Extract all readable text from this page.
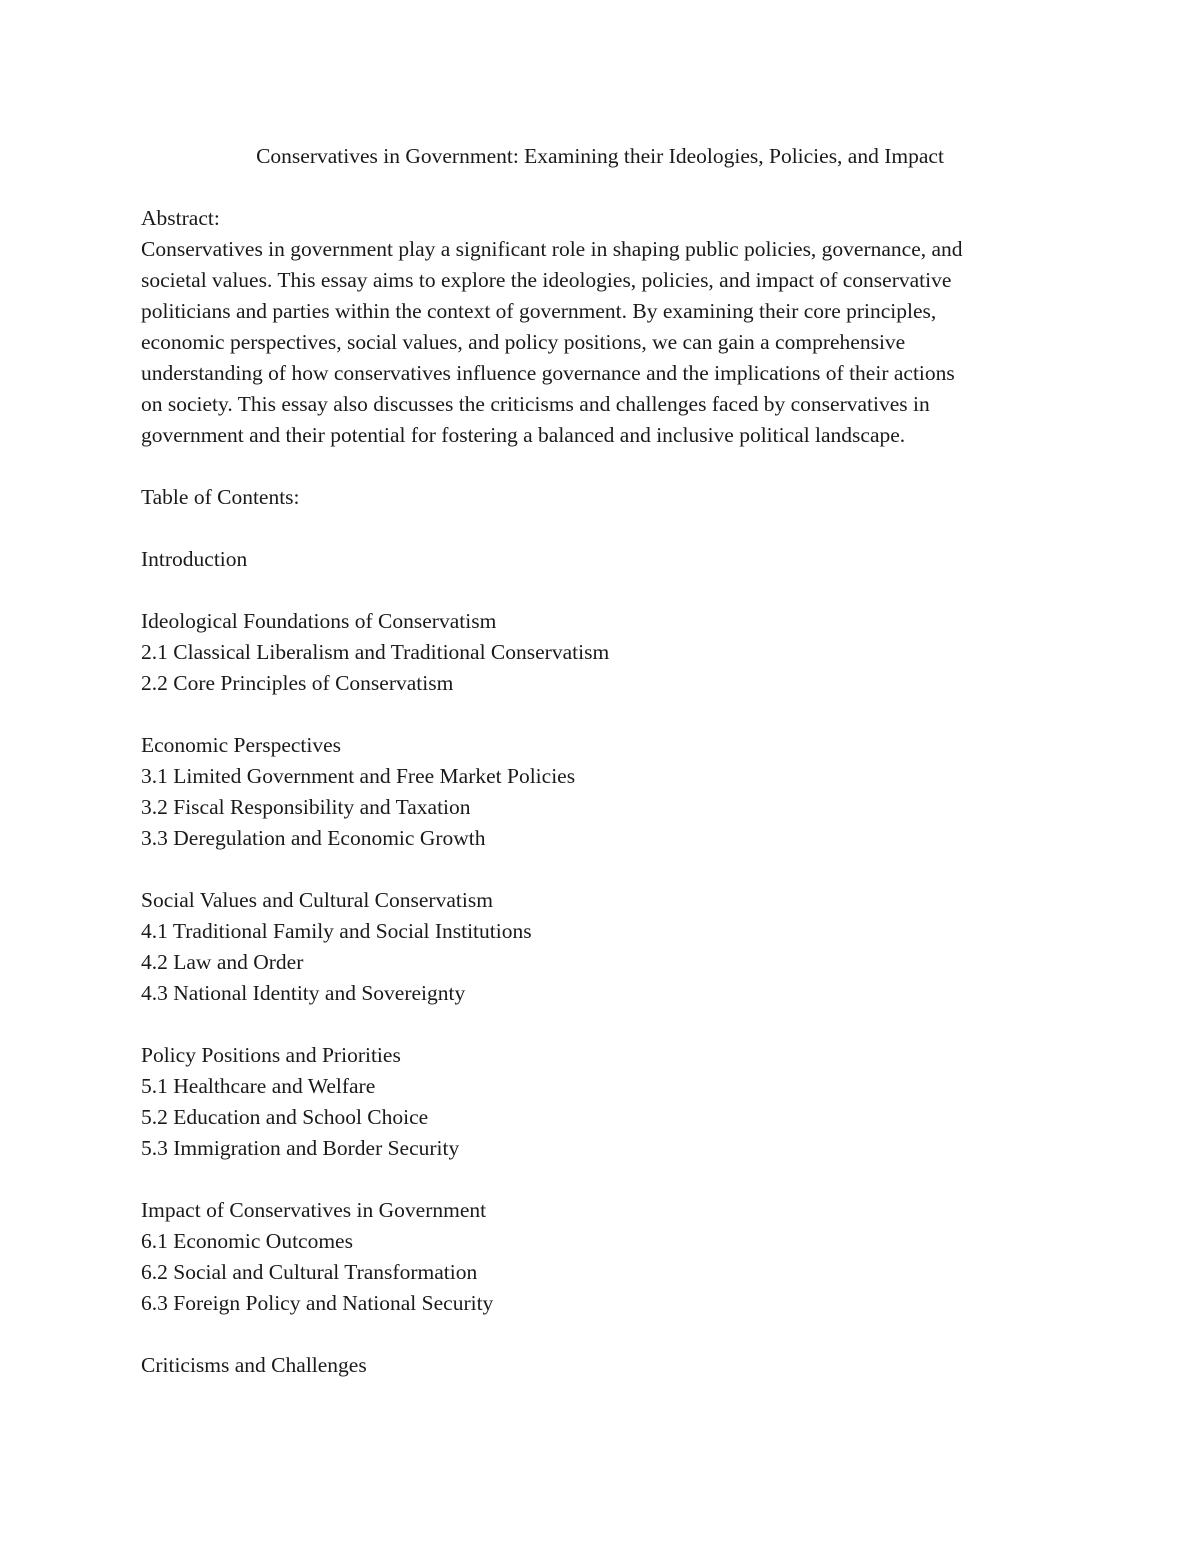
Conservatives in Government: Examining their Ideologies, Policies, and Impact
Abstract:
Conservatives in government play a significant role in shaping public policies, governance, and
societal values. This essay aims to explore the ideologies, policies, and impact of conservative
politicians and parties within the context of government. By examining their core principles,
economic perspectives, social values, and policy positions, we can gain a comprehensive
understanding of how conservatives influence governance and the implications of their actions
on society. This essay also discusses the criticisms and challenges faced by conservatives in
government and their potential for fostering a balanced and inclusive political landscape.
Table of Contents:
Introduction
Ideological Foundations of Conservatism
2.1 Classical Liberalism and Traditional Conservatism
2.2 Core Principles of Conservatism
Economic Perspectives
3.1 Limited Government and Free Market Policies
3.2 Fiscal Responsibility and Taxation
3.3 Deregulation and Economic Growth
Social Values and Cultural Conservatism
4.1 Traditional Family and Social Institutions
4.2 Law and Order
4.3 National Identity and Sovereignty
Policy Positions and Priorities
5.1 Healthcare and Welfare
5.2 Education and School Choice
5.3 Immigration and Border Security
Impact of Conservatives in Government
6.1 Economic Outcomes
6.2 Social and Cultural Transformation
6.3 Foreign Policy and National Security
Criticisms and Challenges
